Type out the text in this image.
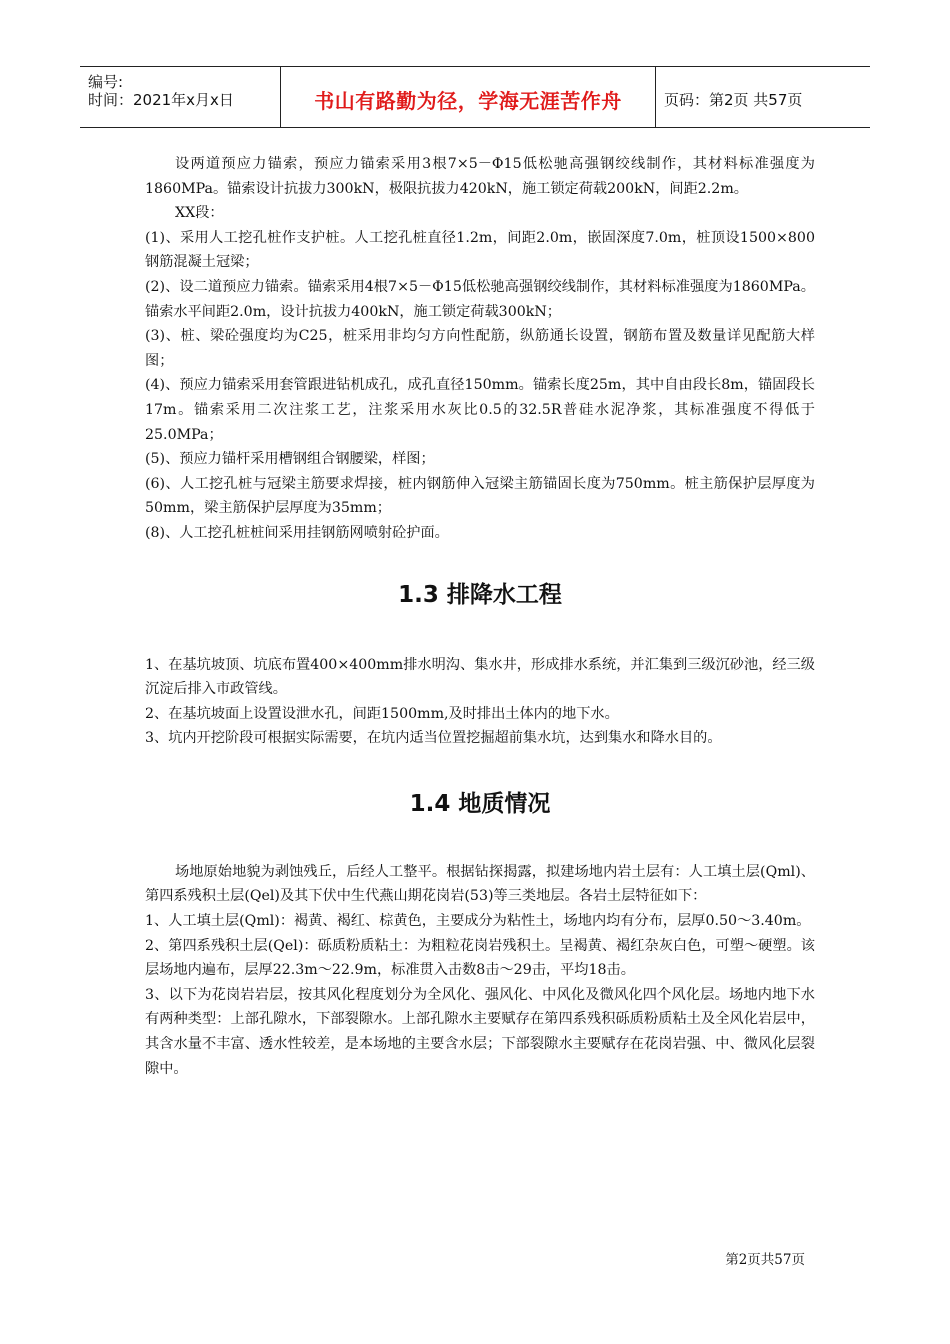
编号:
时间：2021年x月x日	书山有路勤为径，学海无涯苦作舟	页码：第2页 共57页

设两道预应力锚索，预应力锚索采用3根7×5－Φ15低松驰高强钢绞线制作，其材料标准强度为1860MPa。锚索设计抗拔力300kN，极限抗拔力420kN，施工锁定荷载200kN，间距2.2m。

XX段：

(1)、采用人工挖孔桩作支护桩。人工挖孔桩直径1.2m，间距2.0m，嵌固深度7.0m，桩顶设1500×800钢筋混凝土冠梁；

(2)、设二道预应力锚索。锚索采用4根7×5－Φ15低松驰高强钢绞线制作，其材料标准强度为1860MPa。锚索水平间距2.0m，设计抗拔力400kN，施工锁定荷载300kN；

(3)、桩、梁砼强度均为C25，桩采用非均匀方向性配筋，纵筋通长设置，钢筋布置及数量详见配筋大样图；

(4)、预应力锚索采用套管跟进钻机成孔，成孔直径150mm。锚索长度25m，其中自由段长8m，锚固段长17m。锚索采用二次注浆工艺，注浆采用水灰比0.5的32.5R普硅水泥净浆，其标准强度不得低于25.0MPa；

(5)、预应力锚杆采用槽钢组合钢腰梁，样图；

(6)、人工挖孔桩与冠梁主筋要求焊接，桩内钢筋伸入冠梁主筋锚固长度为750mm。桩主筋保护层厚度为50mm，梁主筋保护层厚度为35mm；

(8)、人工挖孔桩桩间采用挂钢筋网喷射砼护面。

1.3 排降水工程

1、在基坑坡顶、坑底布置400×400mm排水明沟、集水井，形成排水系统，并汇集到三级沉砂池，经三级沉淀后排入市政管线。

2、在基坑坡面上设置设泄水孔，间距1500mm,及时排出土体内的地下水。

3、坑内开挖阶段可根据实际需要，在坑内适当位置挖掘超前集水坑，达到集水和降水目的。

1.4 地质情况

场地原始地貌为剥蚀残丘，后经人工整平。根据钻探揭露，拟建场地内岩土层有：人工填土层(Qml)、第四系残积土层(Qel)及其下伏中生代燕山期花岗岩(53)等三类地层。各岩土层特征如下：

1、人工填土层(Qml)：褐黄、褐红、棕黄色，主要成分为粘性土，场地内均有分布，层厚0.50～3.40m。

2、第四系残积土层(Qel)：砾质粉质粘土：为粗粒花岗岩残积土。呈褐黄、褐红杂灰白色，可塑～硬塑。该层场地内遍布，层厚22.3m～22.9m，标准贯入击数8击～29击，平均18击。

3、以下为花岗岩岩层，按其风化程度划分为全风化、强风化、中风化及微风化四个风化层。场地内地下水有两种类型：上部孔隙水，下部裂隙水。上部孔隙水主要赋存在第四系残积砾质粉质粘土及全风化岩层中，其含水量不丰富、透水性较差，是本场地的主要含水层；下部裂隙水主要赋存在花岗岩强、中、微风化层裂隙中。

第2页共57页
